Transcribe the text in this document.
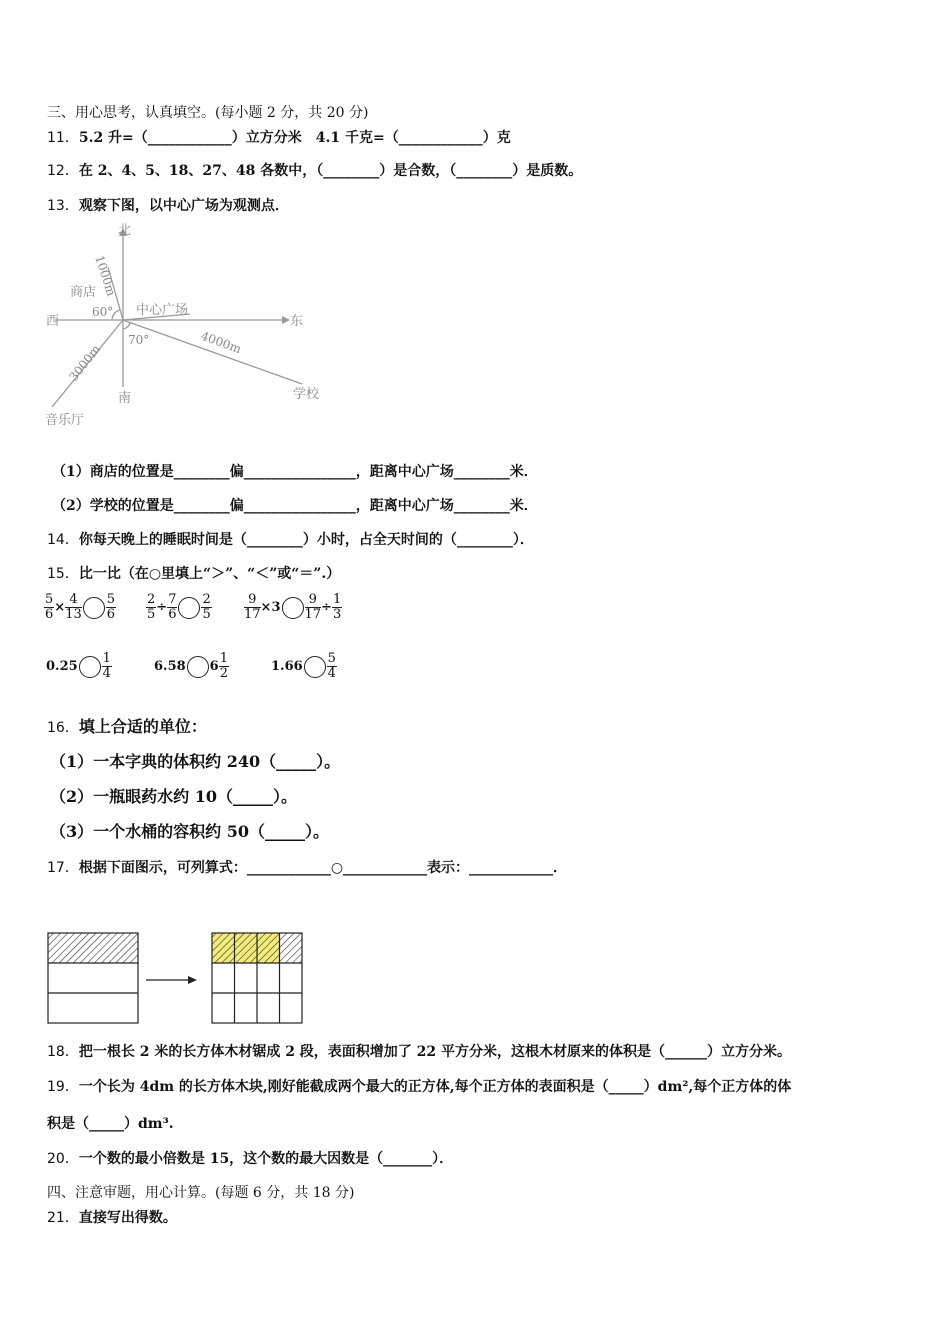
三、用心思考，认真填空。(每小题 2 分，共 20 分)
11．5.2 升=（____________）立方分米　4.1 千克=（____________）克
12．在 2、4、5、18、27、48 各数中，（________）是合数，（________）是质数。
13．观察下图，以中心广场为观测点．
北
东
西
南
中心广场
商店
学校
音乐厅
60°
70°
1000m
4000m
3000m
（1）商店的位置是________偏________________，距离中心广场________米．
（2）学校的位置是________偏________________，距离中心广场________米．
14．你每天晚上的睡眠时间是（________）小时，占全天时间的（________）．
15．比一比（在○里填上“＞”、“＜”或“＝”.）
$\frac{5}{6} \times \frac{4}{13} \frac{5}{6} \frac{2}{5} \div \frac{7}{6} \frac{2}{5} \frac{9}{17} \times 3 \frac{9}{17} \div \frac{1}{3}$
$0.25 \frac{1}{4}$	6.58 $6 \frac{1}{2}$	$1.66 \frac{5}{4}$
16．填上合适的单位：
（1）一本字典的体积约 240（_____）。
（2）一瓶眼药水约 10（_____）。
（3）一个水桶的容积约 50（_____）。
17．根据下面图示，可列算式：____________○____________表示：____________．
18．把一根长 2 米的长方体木材锯成 2 段，表面积增加了 22 平方分米，这根木材原来的体积是（______）立方分米。
19．一个长为 4dm 的长方体木块,刚好能截成两个最大的正方体,每个正方体的表面积是（_____）dm²,每个正方体的体
积是（_____）dm³.
20．一个数的最小倍数是 15，这个数的最大因数是（_______）．
四、注意审题，用心计算。(每题 6 分，共 18 分)
21．直接写出得数。
